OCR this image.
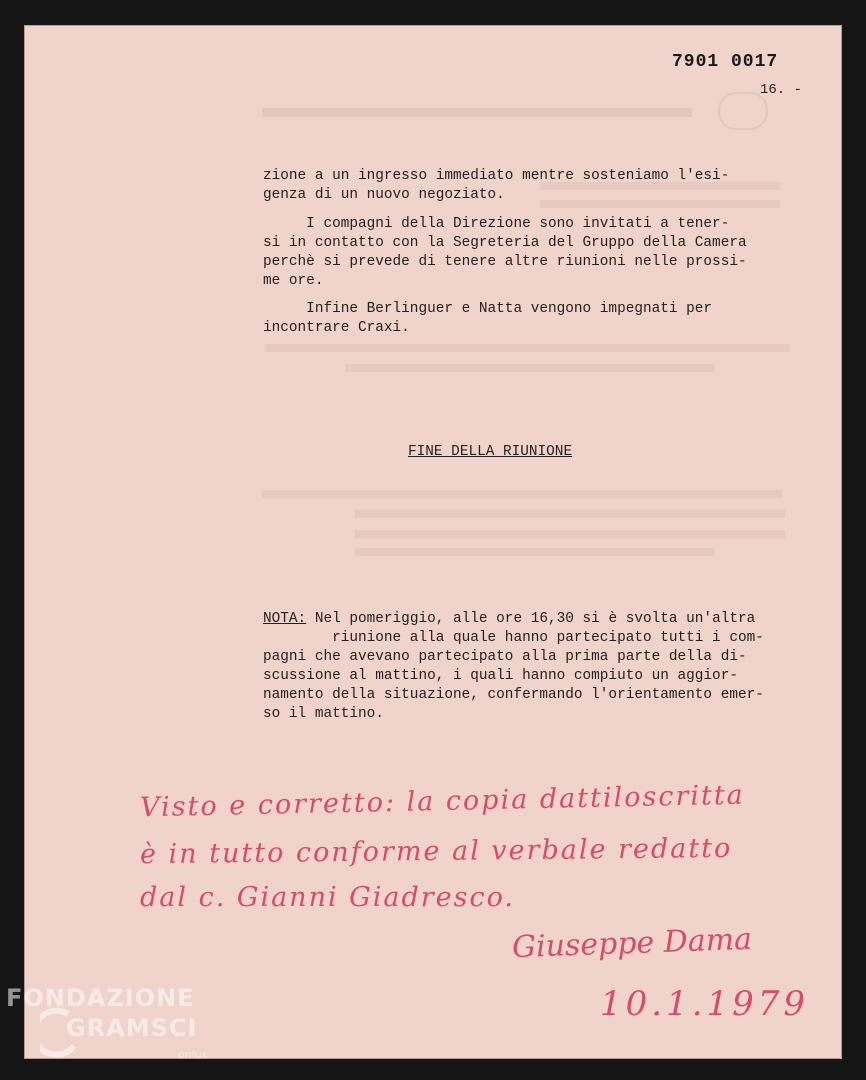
7901 0017
16. -
zione a un ingresso immediato mentre sosteniamo l'esi-
genza di un nuovo negoziato.
I compagni della Direzione sono invitati a tener-
si in contatto con la Segreteria del Gruppo della Camera
perchè si prevede di tenere altre riunioni nelle prossi-
me ore.
Infine Berlinguer e Natta vengono impegnati per
incontrare Craxi.
FINE DELLA RIUNIONE
NOTA: Nel pomeriggio, alle ore 16,30 si è svolta un'altra
riunione alla quale hanno partecipato tutti i com-
pagni che avevano partecipato alla prima parte della di-
scussione al mattino, i quali hanno compiuto un aggior-
namento della situazione, confermando l'orientamento emer-
so il mattino.
Visto e corretto: la copia dattiloscritta
è in tutto conforme al verbale redatto
dal c. Gianni Giadresco.
Giuseppe Dama
10.1.1979
FONDAZIONE
GRAMSCI
onlus
